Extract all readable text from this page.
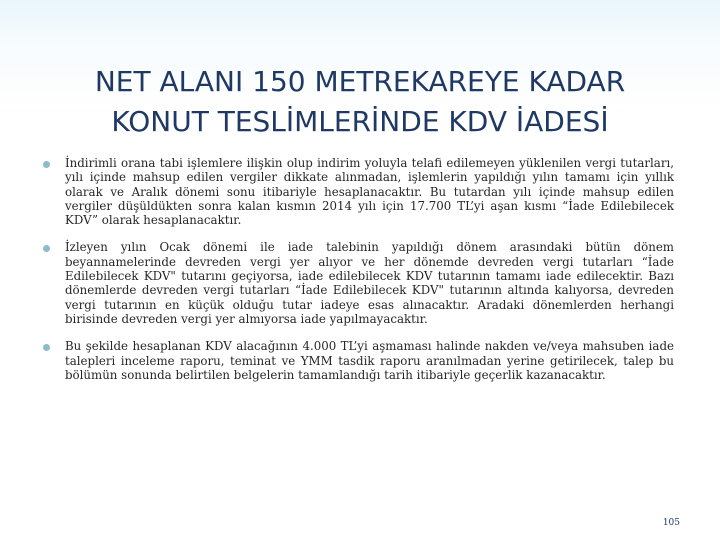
NET ALANI 150 METREKAREYE KADAR
KONUT TESLİMLERİNDE KDV İADESİ

İndirimli orana tabi işlemlere ilişkin olup indirim yoluyla telafi edilemeyen yüklenilen vergi tutarları, yılı içinde mahsup edilen vergiler dikkate alınmadan, işlemlerin yapıldığı yılın tamamı için yıllık olarak ve Aralık dönemi sonu itibariyle hesaplanacaktır. Bu tutardan yılı içinde mahsup edilen vergiler düşüldükten sonra kalan kısmın 2014 yılı için 17.700 TL’yi aşan kısmı “İade Edilebilecek KDV” olarak hesaplanacaktır.

İzleyen yılın Ocak dönemi ile iade talebinin yapıldığı dönem arasındaki bütün dönem beyannamelerinde devreden vergi yer alıyor ve her dönemde devreden vergi tutarları “İade Edilebilecek KDV" tutarını geçiyorsa, iade edilebilecek KDV tutarının tamamı iade edilecektir. Bazı dönemlerde devreden vergi tutarları “İade Edilebilecek KDV" tutarının altında kalıyorsa, devreden vergi tutarının en küçük olduğu tutar iadeye esas alınacaktır. Aradaki dönemlerden herhangi birisinde devreden vergi yer almıyorsa iade yapılmayacaktır.

Bu şekilde hesaplanan KDV alacağının 4.000 TL’yi aşmaması halinde nakden ve/veya mahsuben iade talepleri inceleme raporu, teminat ve YMM tasdik raporu aranılmadan yerine getirilecek, talep bu bölümün sonunda belirtilen belgelerin tamamlandığı tarih itibariyle geçerlik kazanacaktır.

105
